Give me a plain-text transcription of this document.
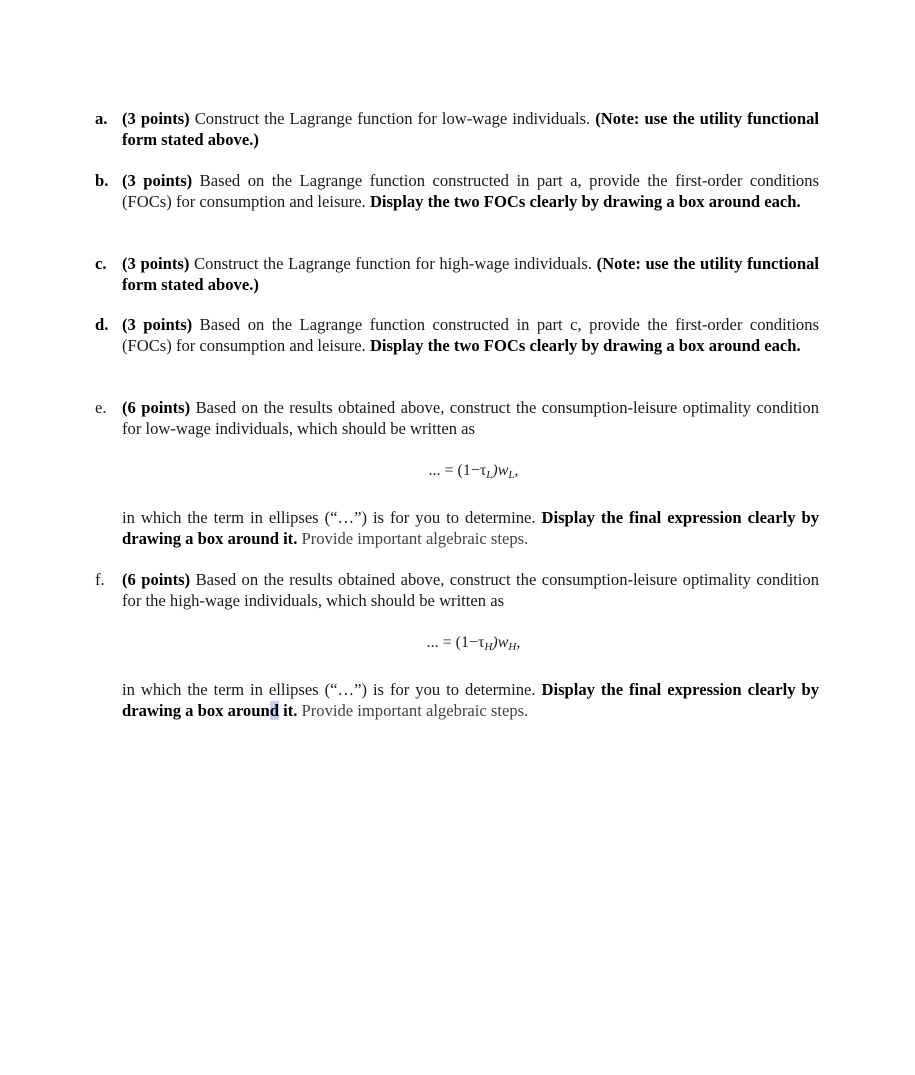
a. (3 points) Construct the Lagrange function for low-wage individuals. (Note: use the utility functional form stated above.)
b. (3 points) Based on the Lagrange function constructed in part a, provide the first-order conditions (FOCs) for consumption and leisure. Display the two FOCs clearly by drawing a box around each.
c. (3 points) Construct the Lagrange function for high-wage individuals. (Note: use the utility functional form stated above.)
d. (3 points) Based on the Lagrange function constructed in part c, provide the first-order conditions (FOCs) for consumption and leisure. Display the two FOCs clearly by drawing a box around each.
e. (6 points) Based on the results obtained above, construct the consumption-leisure optimality condition for low-wage individuals, which should be written as
... = $(1-\tau_L)w_L$,
in which the term in ellipses (“…”) is for you to determine. Display the final expression clearly by drawing a box around it. Provide important algebraic steps.
f.	(6 points) Based on the results obtained above, construct the consumption-leisure optimality condition for the high-wage individuals, which should be written as
... = $(1-\tau_H)w_H$,
in which the term in ellipses (“…”) is for you to determine. Display the final expression clearly by drawing a box around it. Provide important algebraic steps.
